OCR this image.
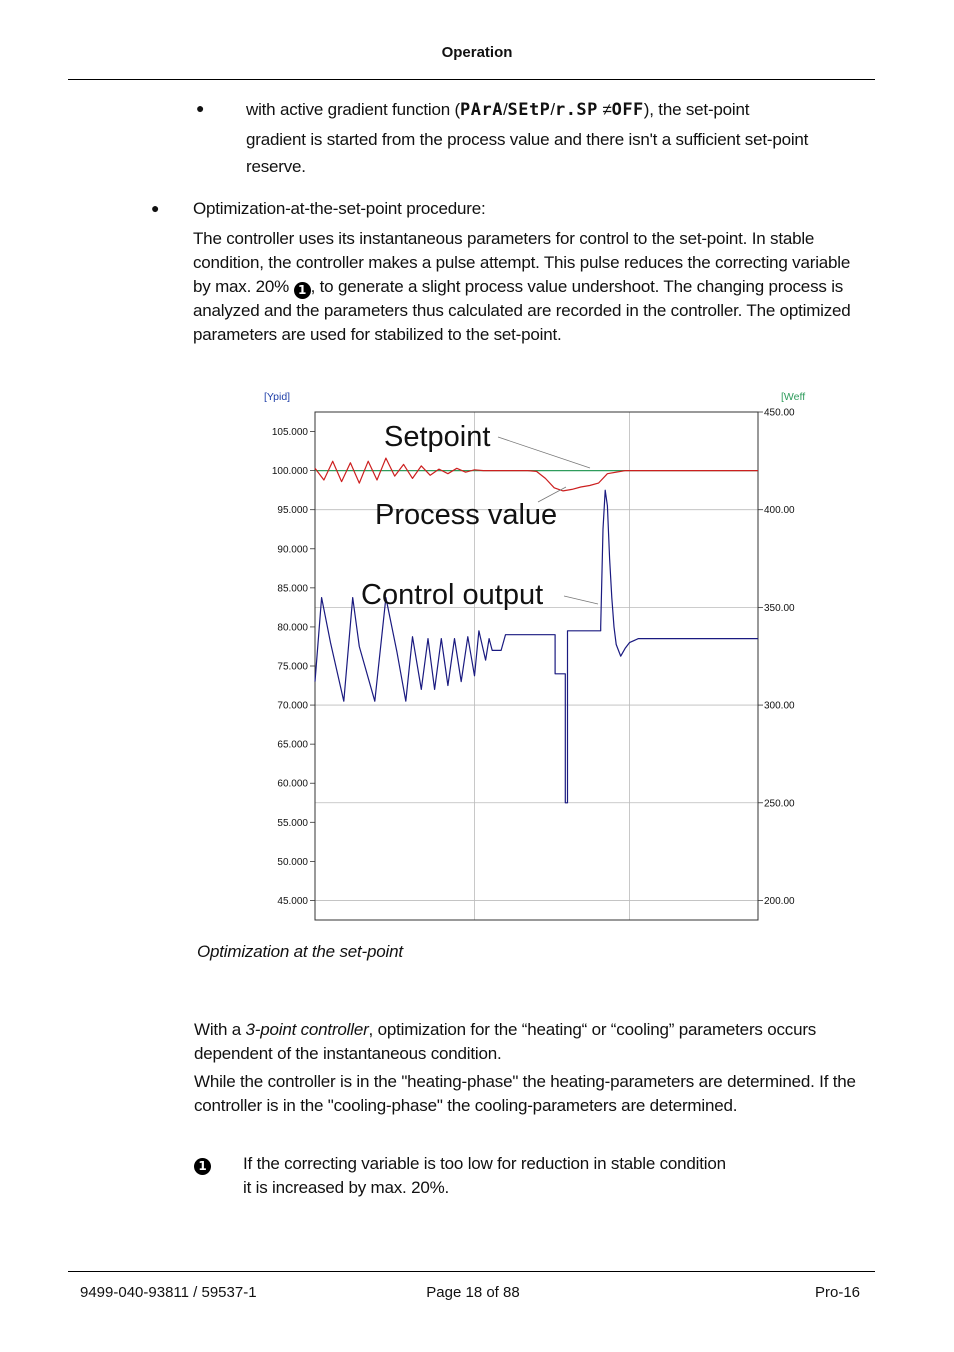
Operation
● with active gradient function (PArA/SEtP/r.SP ≠OFF), the set-point
gradient is started from the process value and there isn't a sufficient set-point
reserve.
● Optimization-at-the-set-point procedure:
The controller uses its instantaneous parameters for control to the set-point. In stable
condition, the controller makes a pulse attempt. This pulse reduces the correcting variable
by max. 20% 1 , to generate a slight process value undershoot. The changing process is
analyzed and the parameters thus calculated are recorded in the controller. The optimized
parameters are used for stabilized to the set-point.
105.000
100.000
95.000
90.000
85.000
80.000
75.000
70.000
65.000
60.000
55.000
50.000
45.000
450.00
400.00
350.00
300.00
250.00
200.00
[Ypid]	[Weff
Setpoint
Process value
Control output
Optimization at the set-point
With a 3-point controller, optimization for the “heating“ or “cooling” parameters occurs
dependent of the instantaneous condition.
While the controller is in the "heating-phase" the heating-parameters are determined. If the
controller is in the "cooling-phase" the cooling-parameters are determined.
1 If the correcting variable is too low for reduction in stable condition
it is increased by max. 20%.
9499-040-93811 / 59537-1	Page 18 of 88	Pro-16
